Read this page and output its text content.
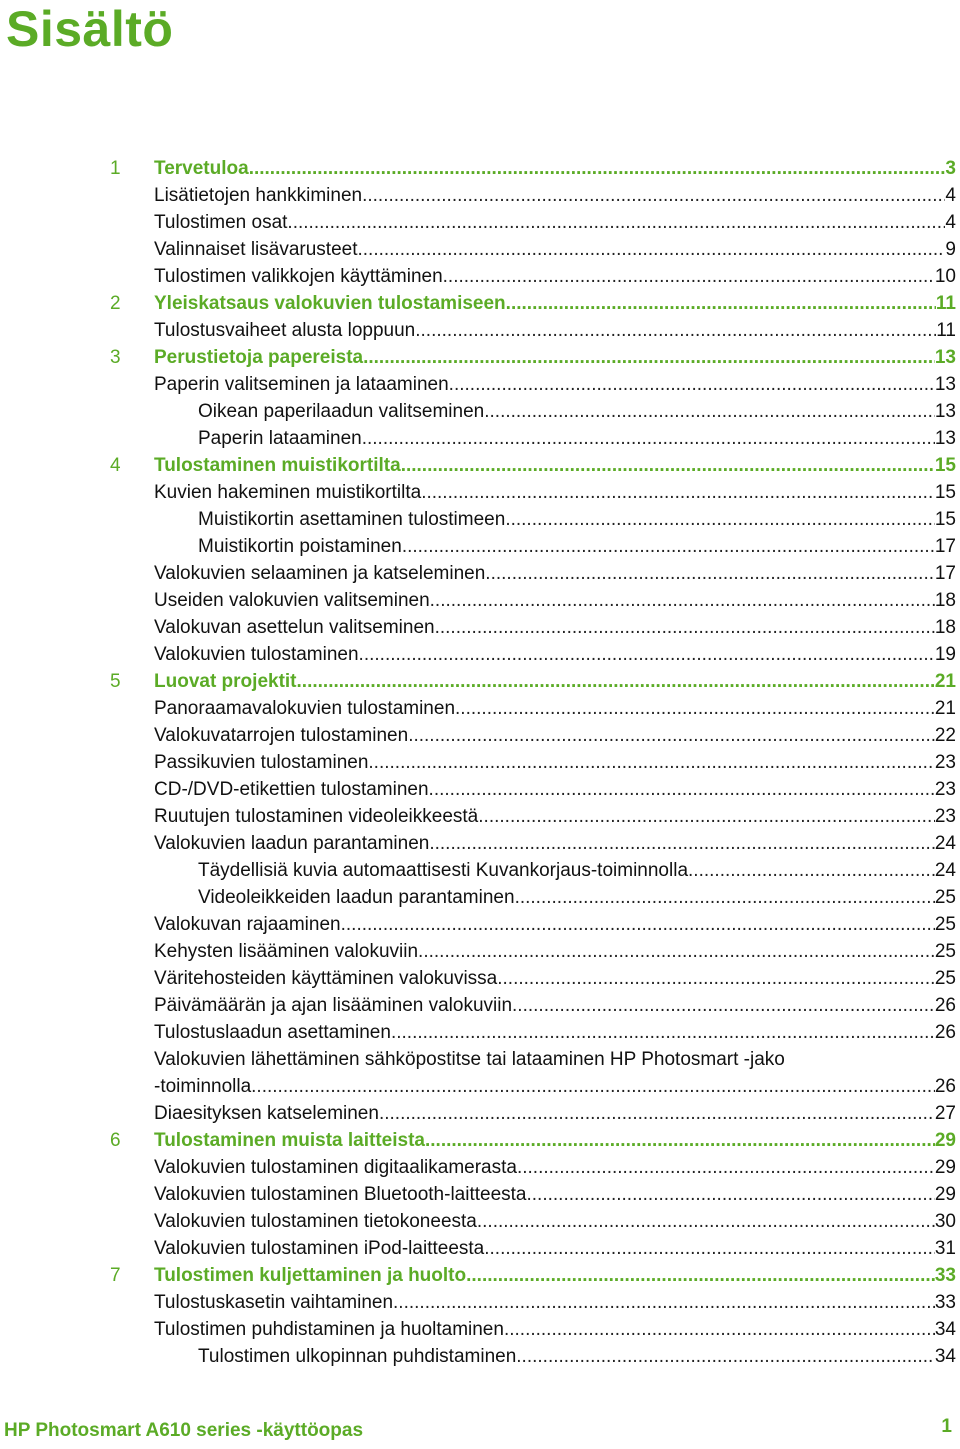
Sisältö
1	Tervetuloa .....	3
Lisätietojen hankkiminen .....	4
Tulostimen osat .....	4
Valinnaiset lisävarusteet .....	9
Tulostimen valikkojen käyttäminen .....	10
2	Yleiskatsaus valokuvien tulostamiseen .....	11
Tulostusvaiheet alusta loppuun .....	11
3	Perustietoja papereista .....	13
Paperin valitseminen ja lataaminen .....	13
Oikean paperilaadun valitseminen .....	13
Paperin lataaminen .....	13
4	Tulostaminen muistikortilta .....	15
Kuvien hakeminen muistikortilta .....	15
Muistikortin asettaminen tulostimeen .....	15
Muistikortin poistaminen .....	17
Valokuvien selaaminen ja katseleminen .....	17
Useiden valokuvien valitseminen .....	18
Valokuvan asettelun valitseminen .....	18
Valokuvien tulostaminen .....	19
5	Luovat projektit .....	21
Panoraamavalokuvien tulostaminen .....	21
Valokuvatarrojen tulostaminen .....	22
Passikuvien tulostaminen .....	23
CD-/DVD-etikettien tulostaminen .....	23
Ruutujen tulostaminen videoleikkeestä .....	23
Valokuvien laadun parantaminen .....	24
Täydellisiä kuvia automaattisesti Kuvankorjaus-toiminnolla .....	24
Videoleikkeiden laadun parantaminen .....	25
Valokuvan rajaaminen .....	25
Kehysten lisääminen valokuviin .....	25
Väritehosteiden käyttäminen valokuvissa .....	25
Päivämäärän ja ajan lisääminen valokuviin .....	26
Tulostuslaadun asettaminen .....	26
Valokuvien lähettäminen sähköpostitse tai lataaminen HP Photosmart -jako
-toiminnolla .....	26
Diaesityksen katseleminen .....	27
6	Tulostaminen muista laitteista .....	29
Valokuvien tulostaminen digitaalikamerasta .....	29
Valokuvien tulostaminen Bluetooth-laitteesta .....	29
Valokuvien tulostaminen tietokoneesta .....	30
Valokuvien tulostaminen iPod-laitteesta .....	31
7	Tulostimen kuljettaminen ja huolto .....	33
Tulostuskasetin vaihtaminen .....	33
Tulostimen puhdistaminen ja huoltaminen .....	34
Tulostimen ulkopinnan puhdistaminen .....	34
HP Photosmart A610 series -käyttöopas	1
